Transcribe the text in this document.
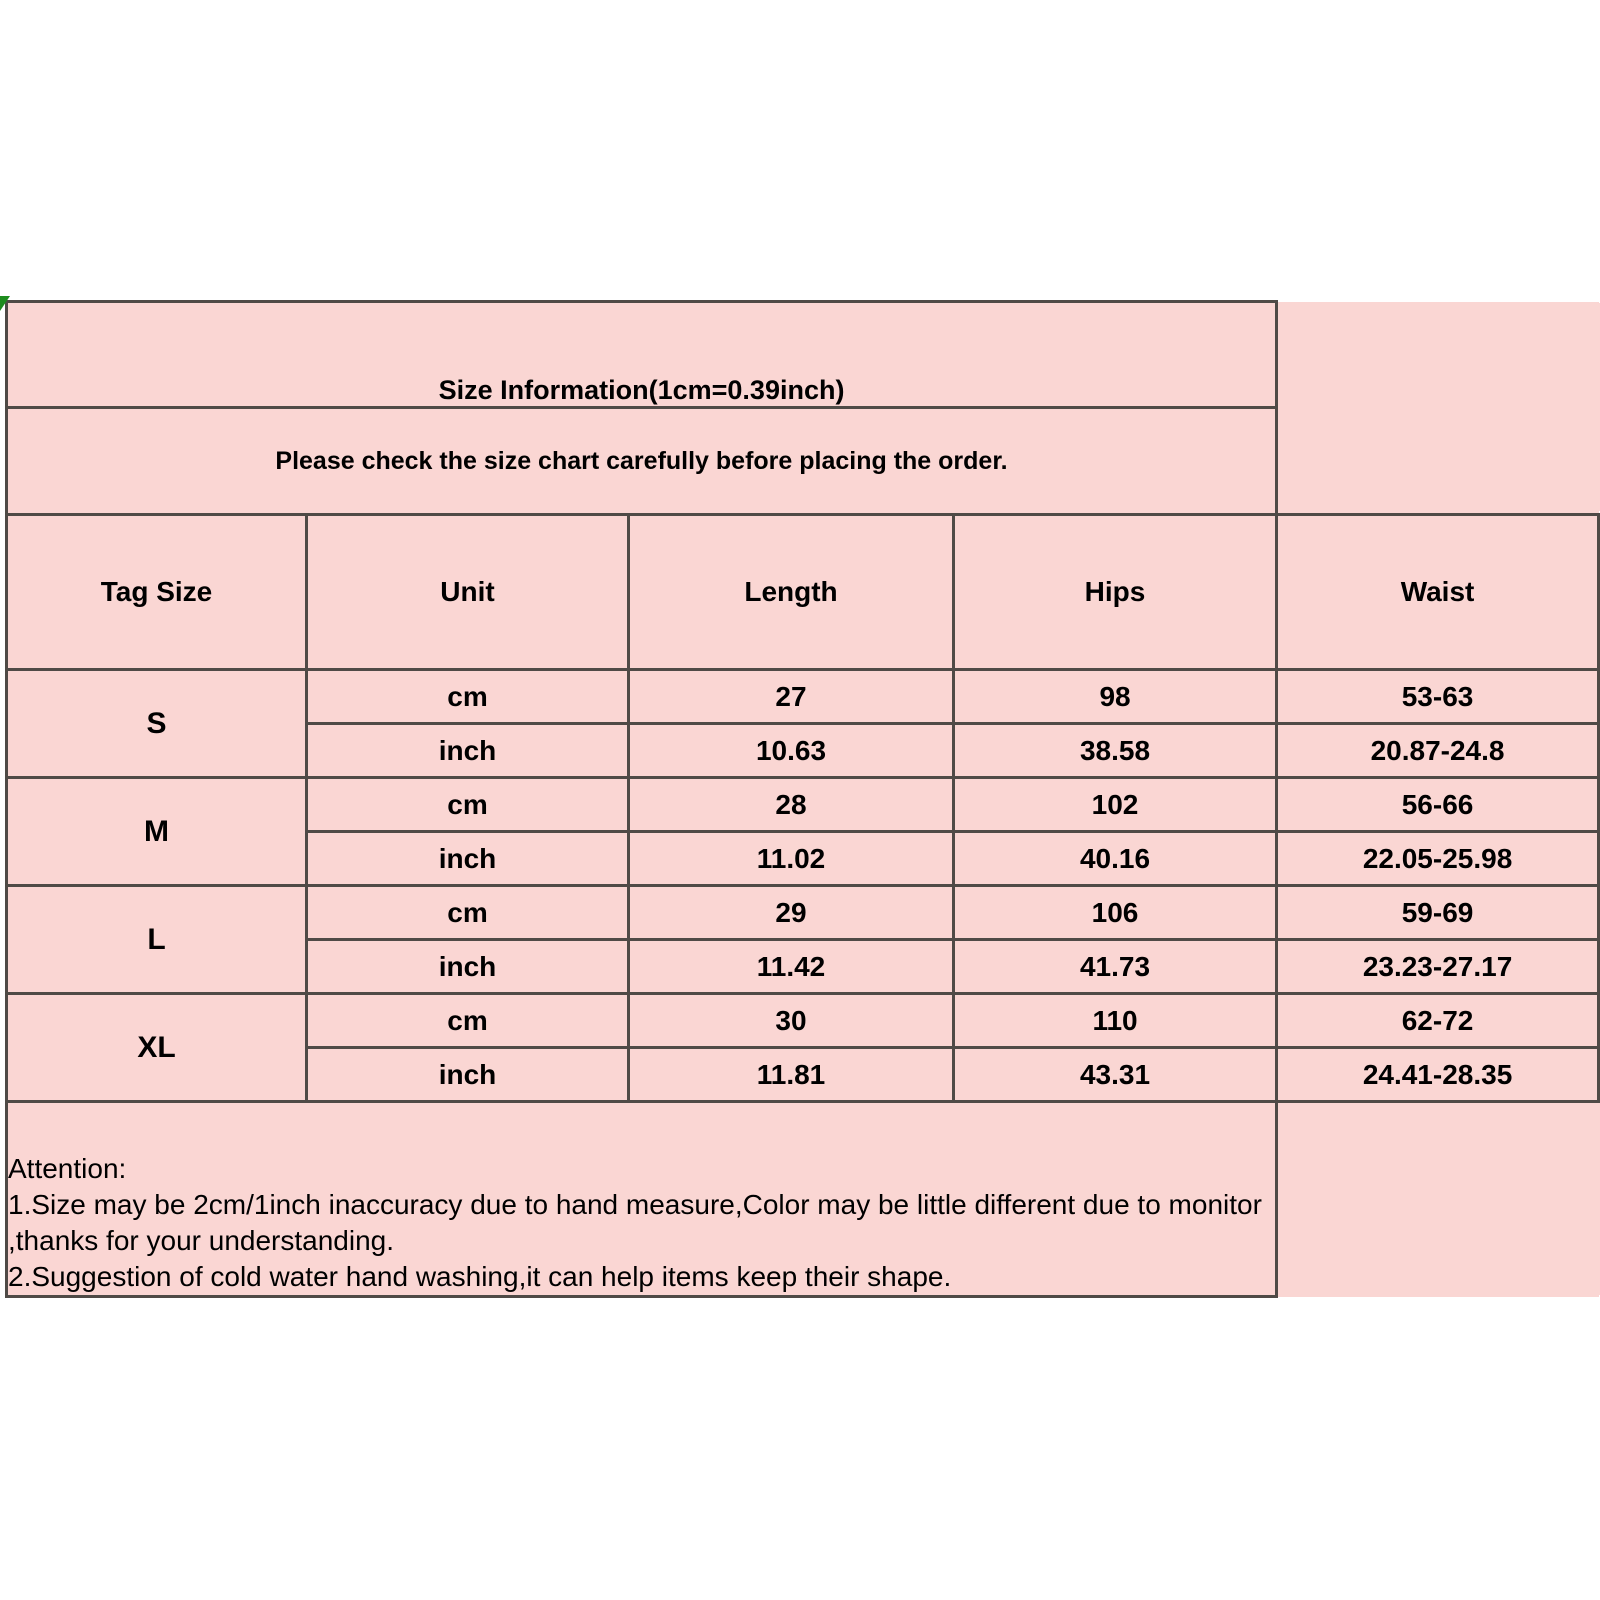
Size Information(1cm=0.39inch)				
Please check the size chart carefully before placing the order.				
Tag Size	Unit	Length	Hips	Waist
S	cm	27	98	53-63
	inch	10.63	38.58	20.87-24.8
M	cm	28	102	56-66
	inch	11.02	40.16	22.05-25.98
L	cm	29	106	59-69
	inch	11.42	41.73	23.23-27.17
XL	cm	30	110	62-72
	inch	11.81	43.31	24.41-28.35

Attention:
1.Size may be 2cm/1inch inaccuracy due to hand measure,Color may be little different due to monitor
,thanks for your understanding.
2.Suggestion of cold water hand washing,it can help items keep their shape.				
